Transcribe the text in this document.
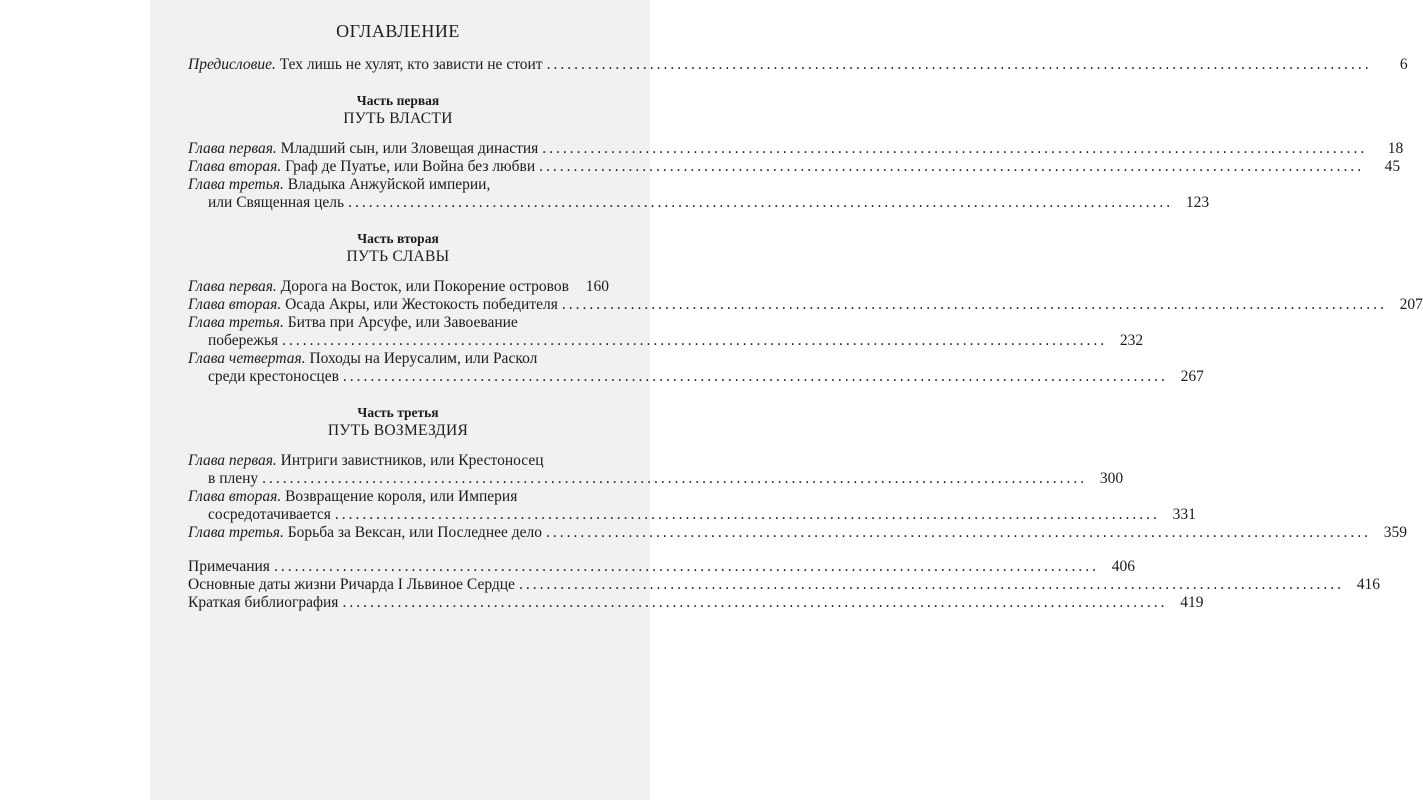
ОГЛАВЛЕНИЕ
Предисловие. Тех лишь не хулят, кто зависти не стоит ........................................................................................................................	6
Часть первая
ПУТЬ ВЛАСТИ
Глава первая. Младший сын, или Зловещая династия ........................................................................................................................	18
Глава вторая. Граф де Пуатье, или Война без любви ........................................................................................................................	45
Глава третья. Владыка Анжуйской империи,
или Священная цель ........................................................................................................................ 123
Часть вторая
ПУТЬ СЛАВЫ
Глава первая. Дорога на Восток, или Покорение островов	160
Глава вторая. Осада Акры, или Жестокость победителя ........................................................................................................................ 207
Глава третья. Битва при Арсуфе, или Завоевание
побережья ........................................................................................................................ 232
Глава четвертая. Походы на Иерусалим, или Раскол
среди крестоносцев ........................................................................................................................ 267
Часть третья
ПУТЬ ВОЗМЕЗДИЯ
Глава первая. Интриги завистников, или Крестоносец
в плену ........................................................................................................................ 300
Глава вторая. Возвращение короля, или Империя
сосредотачивается ........................................................................................................................ 331
Глава третья. Борьба за Вексан, или Последнее дело ........................................................................................................................ 359
Примечания ........................................................................................................................ 406
Основные даты жизни Ричарда I Львиное Сердце ........................................................................................................................ 416
Краткая библиография ........................................................................................................................ 419
